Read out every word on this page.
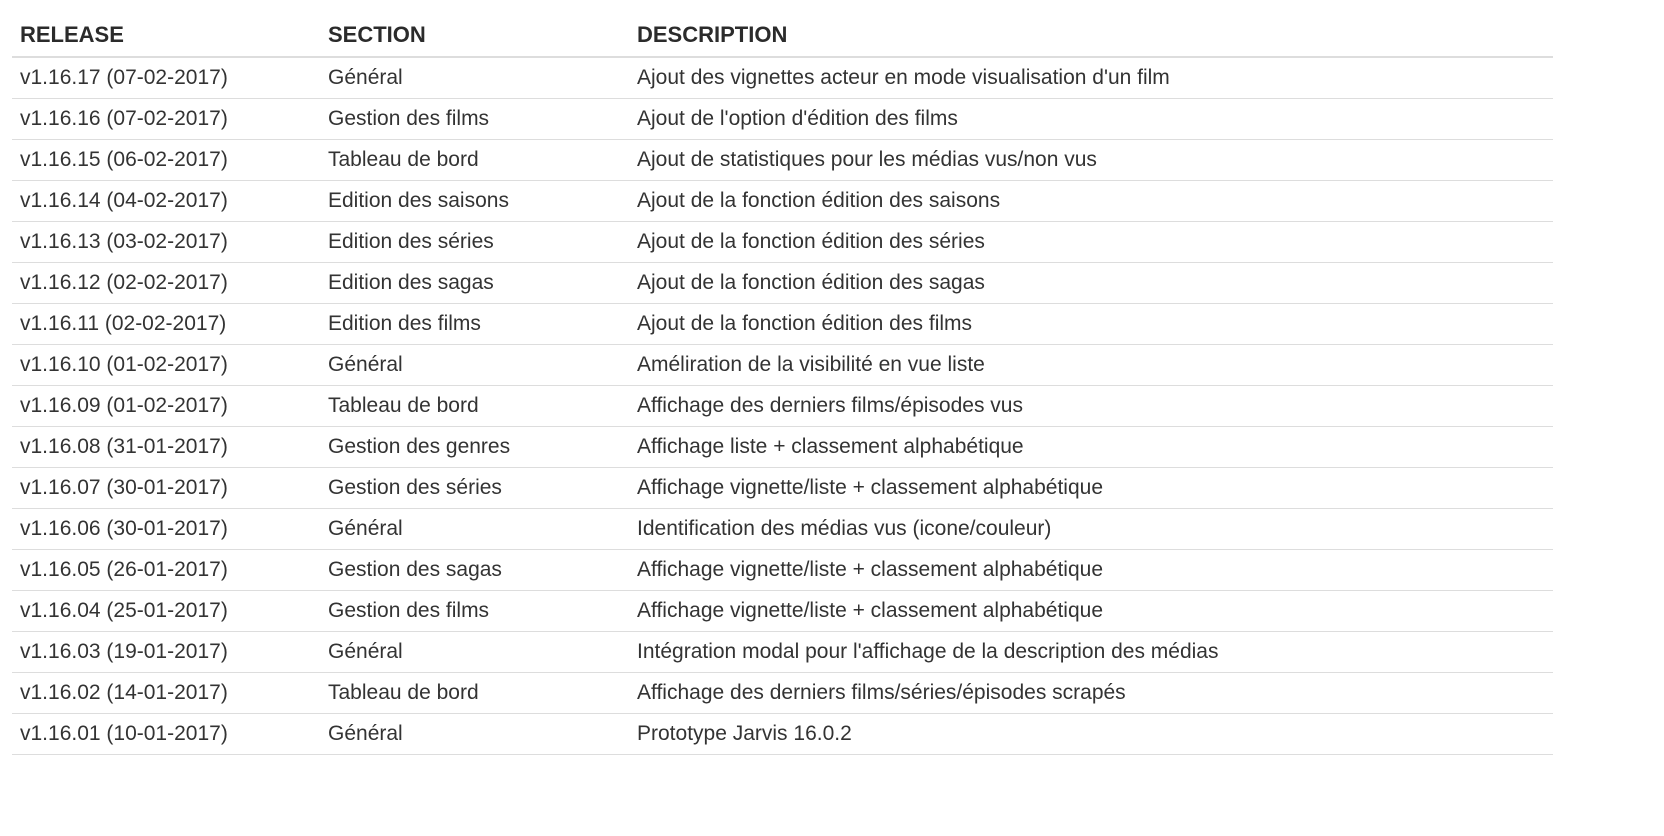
RELEASE	SECTION	DESCRIPTION
v1.16.17 (07-02-2017)	Général	Ajout des vignettes acteur en mode visualisation d'un film
v1.16.16 (07-02-2017)	Gestion des films	Ajout de l'option d'édition des films
v1.16.15 (06-02-2017)	Tableau de bord	Ajout de statistiques pour les médias vus/non vus
v1.16.14 (04-02-2017)	Edition des saisons	Ajout de la fonction édition des saisons
v1.16.13 (03-02-2017)	Edition des séries	Ajout de la fonction édition des séries
v1.16.12 (02-02-2017)	Edition des sagas	Ajout de la fonction édition des sagas
v1.16.11 (02-02-2017)	Edition des films	Ajout de la fonction édition des films
v1.16.10 (01-02-2017)	Général	Améliration de la visibilité en vue liste
v1.16.09 (01-02-2017)	Tableau de bord	Affichage des derniers films/épisodes vus
v1.16.08 (31-01-2017)	Gestion des genres	Affichage liste + classement alphabétique
v1.16.07 (30-01-2017)	Gestion des séries	Affichage vignette/liste + classement alphabétique
v1.16.06 (30-01-2017)	Général	Identification des médias vus (icone/couleur)
v1.16.05 (26-01-2017)	Gestion des sagas	Affichage vignette/liste + classement alphabétique
v1.16.04 (25-01-2017)	Gestion des films	Affichage vignette/liste + classement alphabétique
v1.16.03 (19-01-2017)	Général	Intégration modal pour l'affichage de la description des médias
v1.16.02 (14-01-2017)	Tableau de bord	Affichage des derniers films/séries/épisodes scrapés
v1.16.01 (10-01-2017)	Général	Prototype Jarvis 16.0.2
